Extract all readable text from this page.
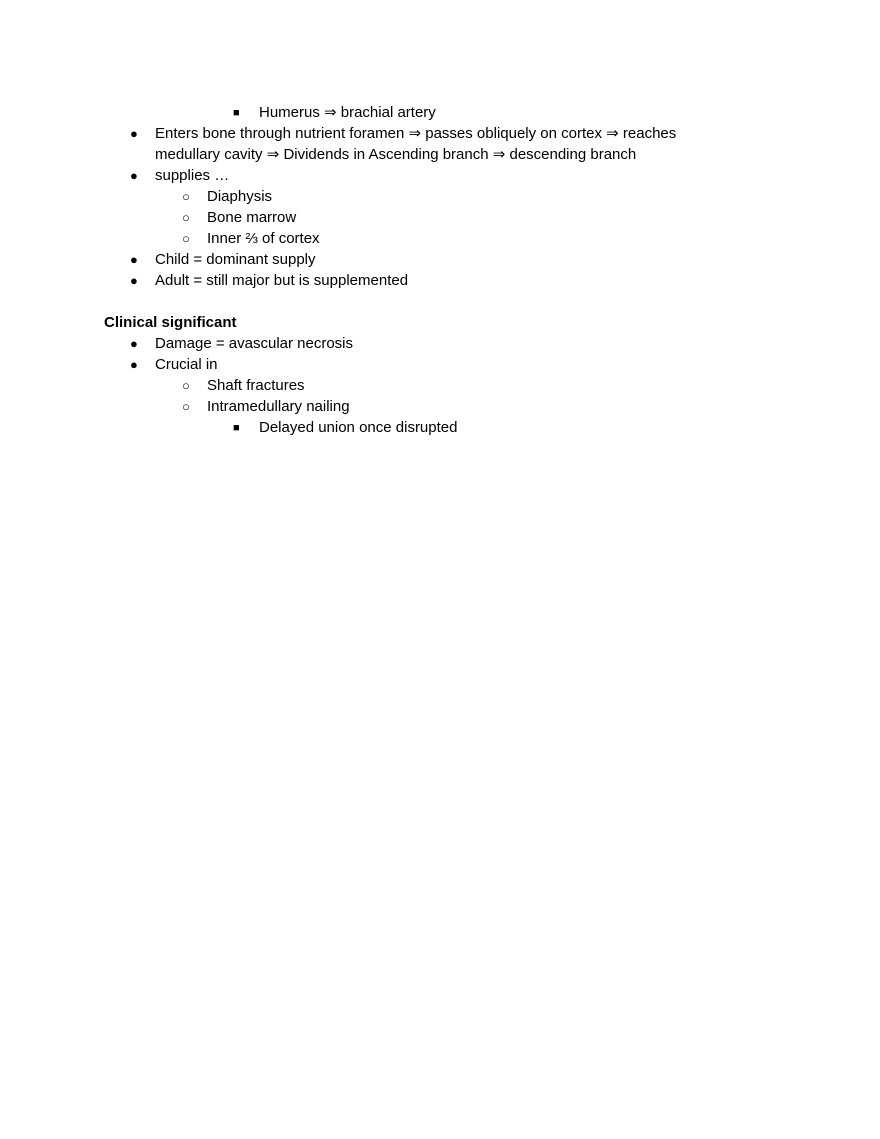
■ Humerus ⇒ brachial artery
● Enters bone through nutrient foramen ⇒ passes obliquely on cortex ⇒ reaches
medullary cavity ⇒ Dividends in Ascending branch ⇒ descending branch
● supplies …
○ Diaphysis
○ Bone marrow
○ Inner ⅔ of cortex
● Child = dominant supply
● Adult = still major but is supplemented
Clinical significant
● Damage = avascular necrosis
● Crucial in
○ Shaft fractures
○ Intramedullary nailing
■ Delayed union once disrupted
